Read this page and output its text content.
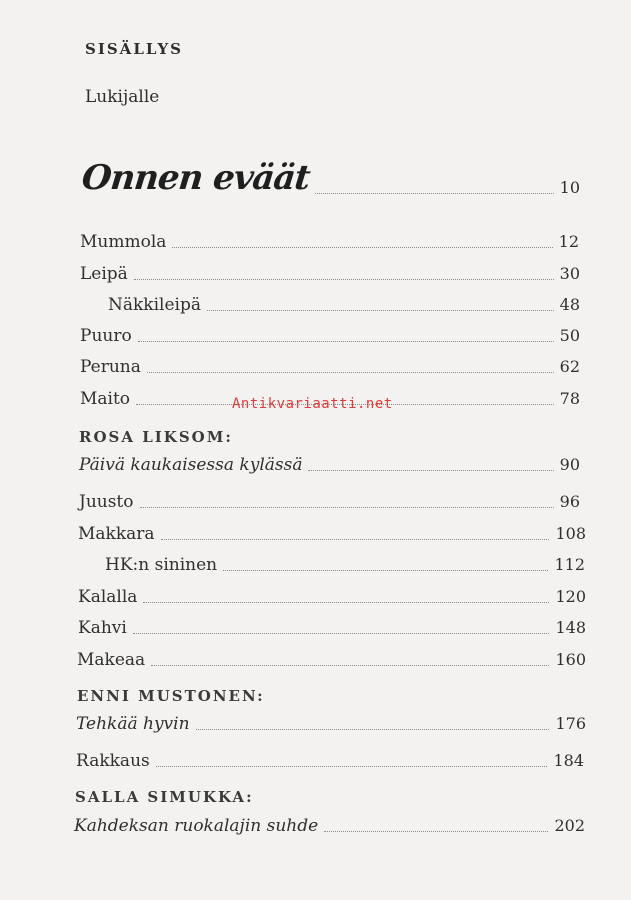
SISÄLLYS
Lukijalle
Onnen eväät	10
Mummola	12
Leipä	30
Näkkileipä	48
Puuro	50
Peruna	62
Maito	78
Antikvariaatti.net
ROSA LIKSOM:
Päivä kaukaisessa kylässä	90
Juusto	96
Makkara	108
HK:n sininen	112
Kalalla	120
Kahvi	148
Makeaa	160
ENNI MUSTONEN:
Tehkää hyvin	176
Rakkaus	184
SALLA SIMUKKA:
Kahdeksan ruokalajin suhde	202
